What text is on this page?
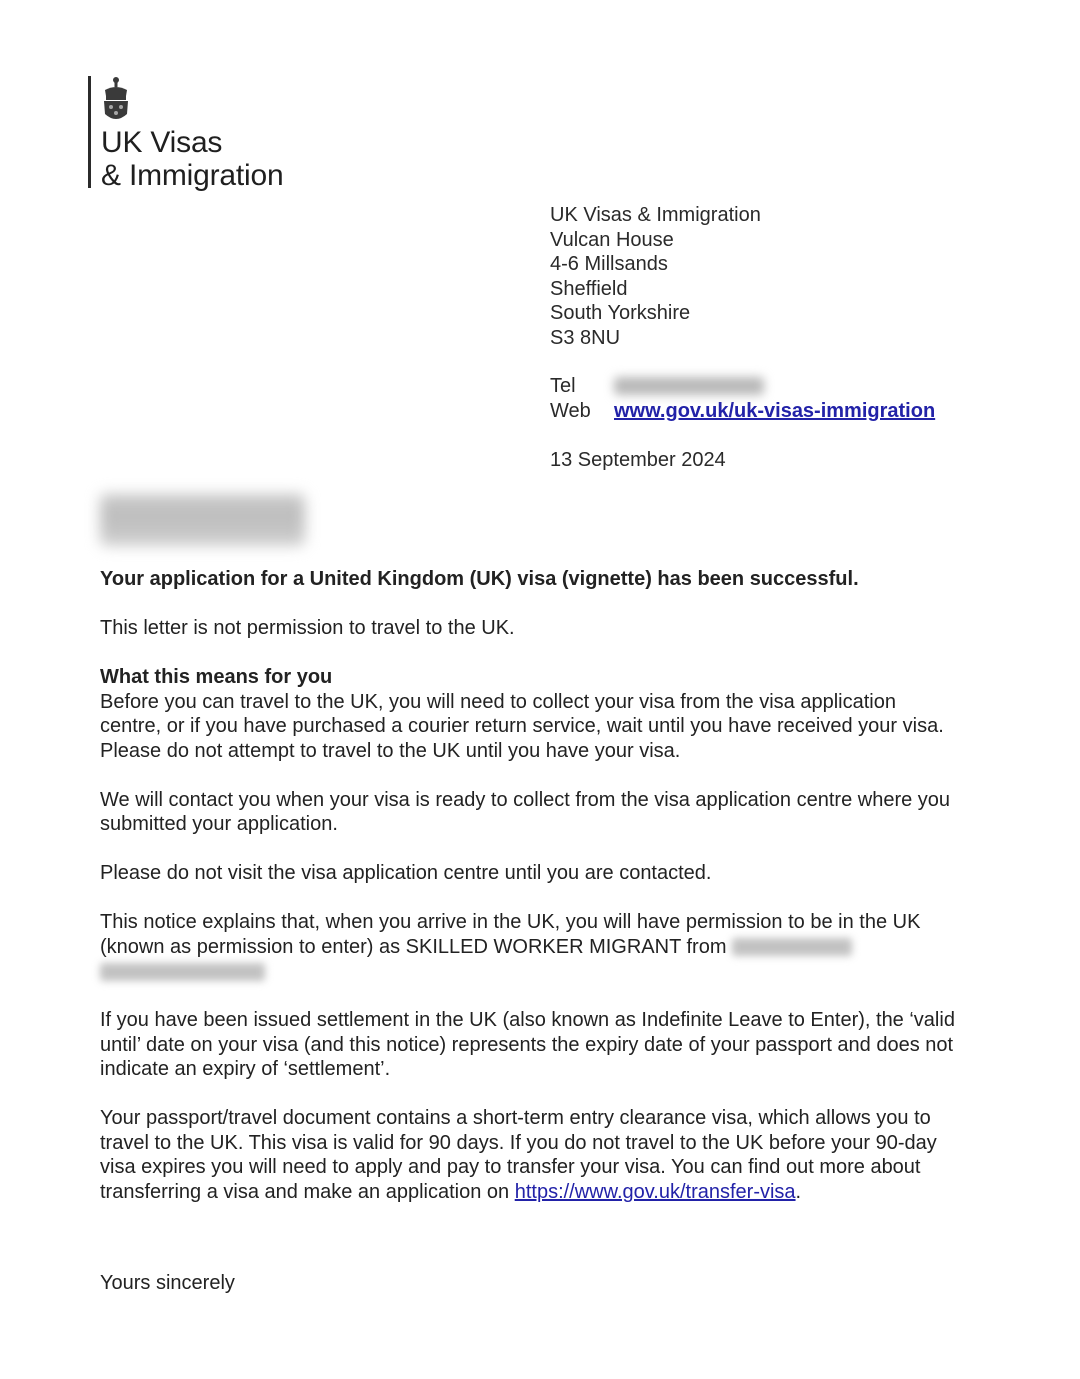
UK Visas
& Immigration
UK Visas & Immigration
Vulcan House
4-6 Millsands
Sheffield
South Yorkshire
S3 8NU
Tel
Web	www.gov.uk/uk-visas-immigration
13 September 2024

Your application for a United Kingdom (UK) visa (vignette) has been successful.

This letter is not permission to travel to the UK.

What this means for you

Before you can travel to the UK, you will need to collect your visa from the visa application centre, or if you have purchased a courier return service, wait until you have received your visa. Please do not attempt to travel to the UK until you have your visa.

We will contact you when your visa is ready to collect from the visa application centre where you submitted your application.

Please do not visit the visa application centre until you are contacted.

This notice explains that, when you arrive in the UK, you will have permission to be in the UK (known as permission to enter) as SKILLED WORKER MIGRANT from

If you have been issued settlement in the UK (also known as Indefinite Leave to Enter), the ‘valid until’ date on your visa (and this notice) represents the expiry date of your passport and does not indicate an expiry of ‘settlement’.

Your passport/travel document contains a short-term entry clearance visa, which allows you to travel to the UK. This visa is valid for 90 days. If you do not travel to the UK before your 90-day visa expires you will need to apply and pay to transfer your visa. You can find out more about transferring a visa and make an application on https://www.gov.uk/transfer-visa.

Yours sincerely
